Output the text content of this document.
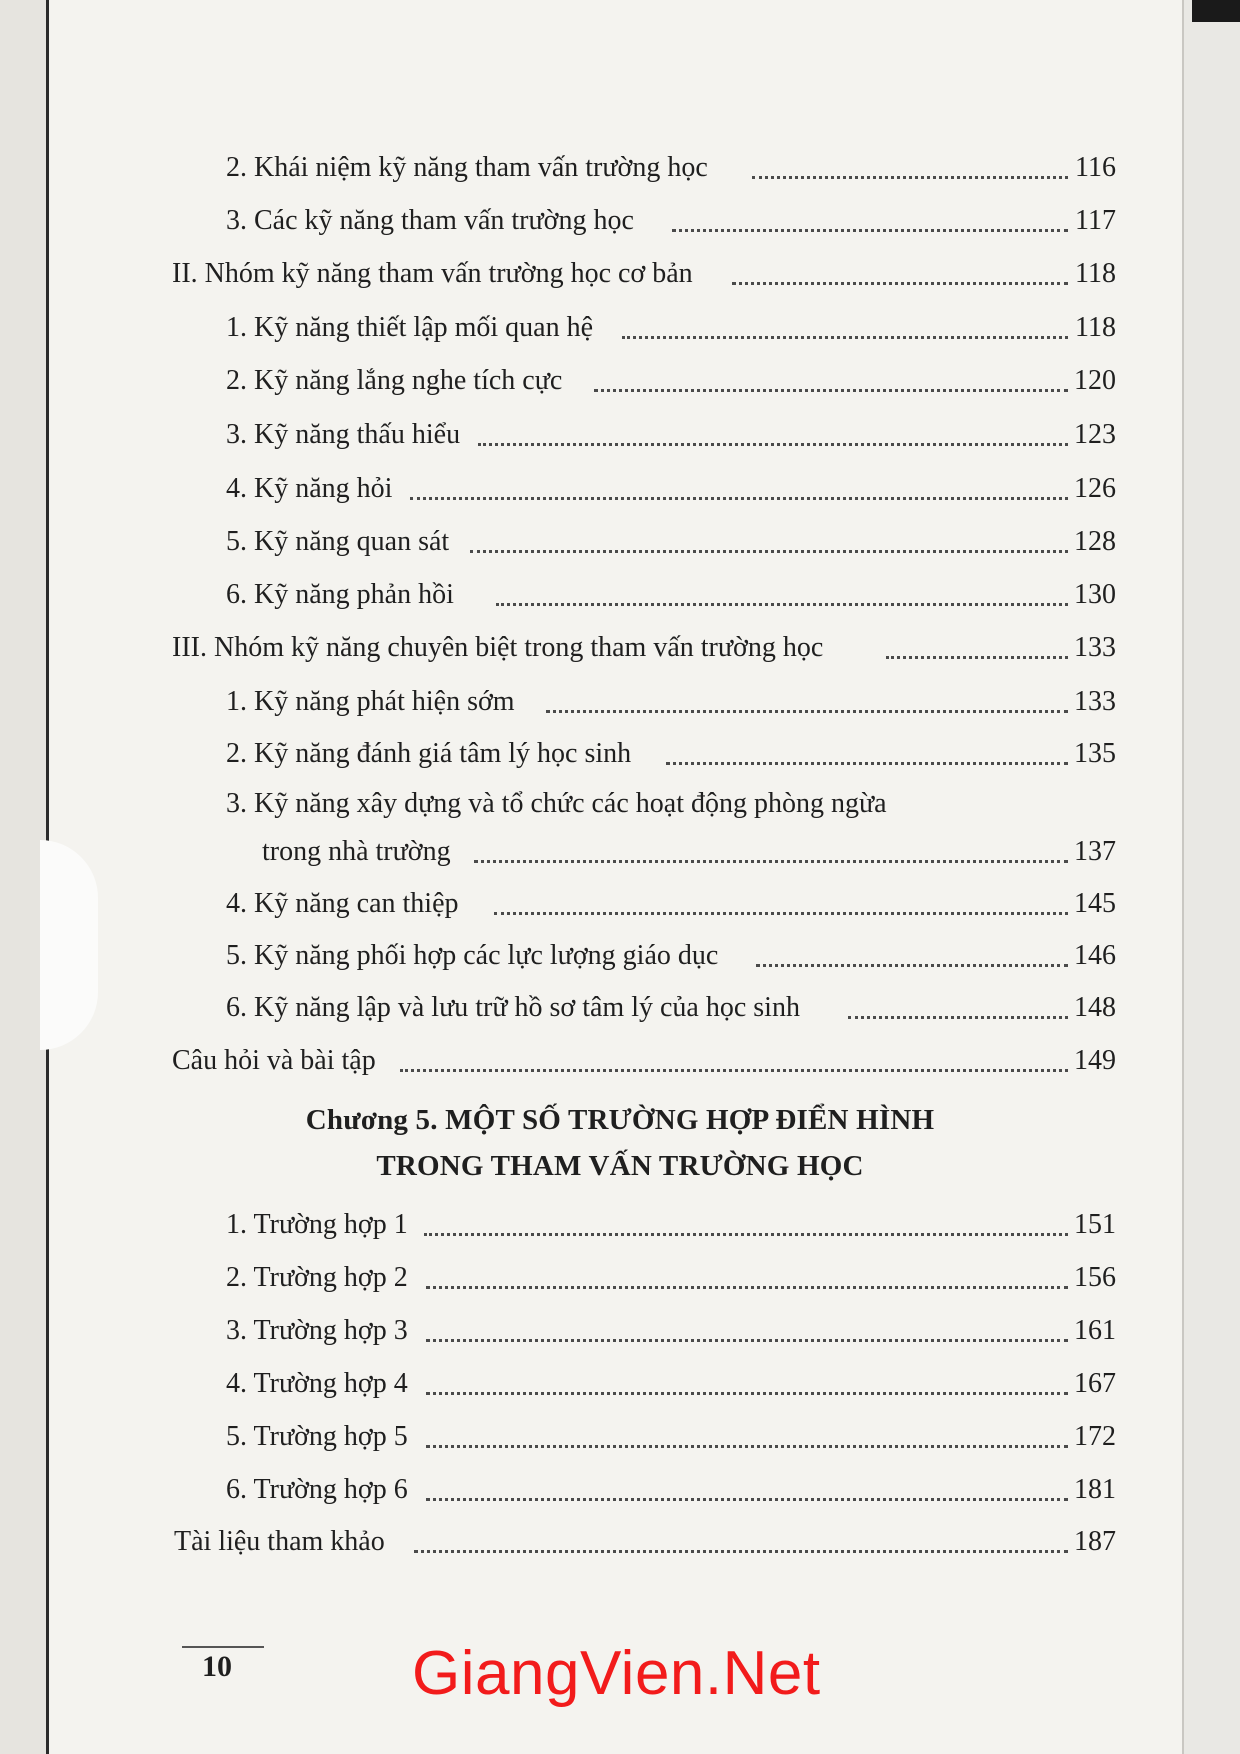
2. Khái niệm kỹ năng tham vấn trường học	116
3. Các kỹ năng tham vấn trường học	117
II. Nhóm kỹ năng tham vấn trường học cơ bản	118
1. Kỹ năng thiết lập mối quan hệ	118
2. Kỹ năng lắng nghe tích cực	120
3. Kỹ năng thấu hiểu	123
4. Kỹ năng hỏi	126
5. Kỹ năng quan sát	128
6. Kỹ năng phản hồi	130
III. Nhóm kỹ năng chuyên biệt trong tham vấn trường học	133
1. Kỹ năng phát hiện sớm	133
2. Kỹ năng đánh giá tâm lý học sinh	135
3. Kỹ năng xây dựng và tổ chức các hoạt động phòng ngừa
trong nhà trường	137
4. Kỹ năng can thiệp	145
5. Kỹ năng phối hợp các lực lượng giáo dục	146
6. Kỹ năng lập và lưu trữ hồ sơ tâm lý của học sinh	148
Câu hỏi và bài tập	149
Chương 5. MỘT SỐ TRƯỜNG HỢP ĐIỂN HÌNH
TRONG THAM VẤN TRƯỜNG HỌC
1. Trường hợp 1	151
2. Trường hợp 2	156
3. Trường hợp 3	161
4. Trường hợp 4	167
5. Trường hợp 5	172
6. Trường hợp 6	181
Tài liệu tham khảo	187
10	GiangVien.Net
